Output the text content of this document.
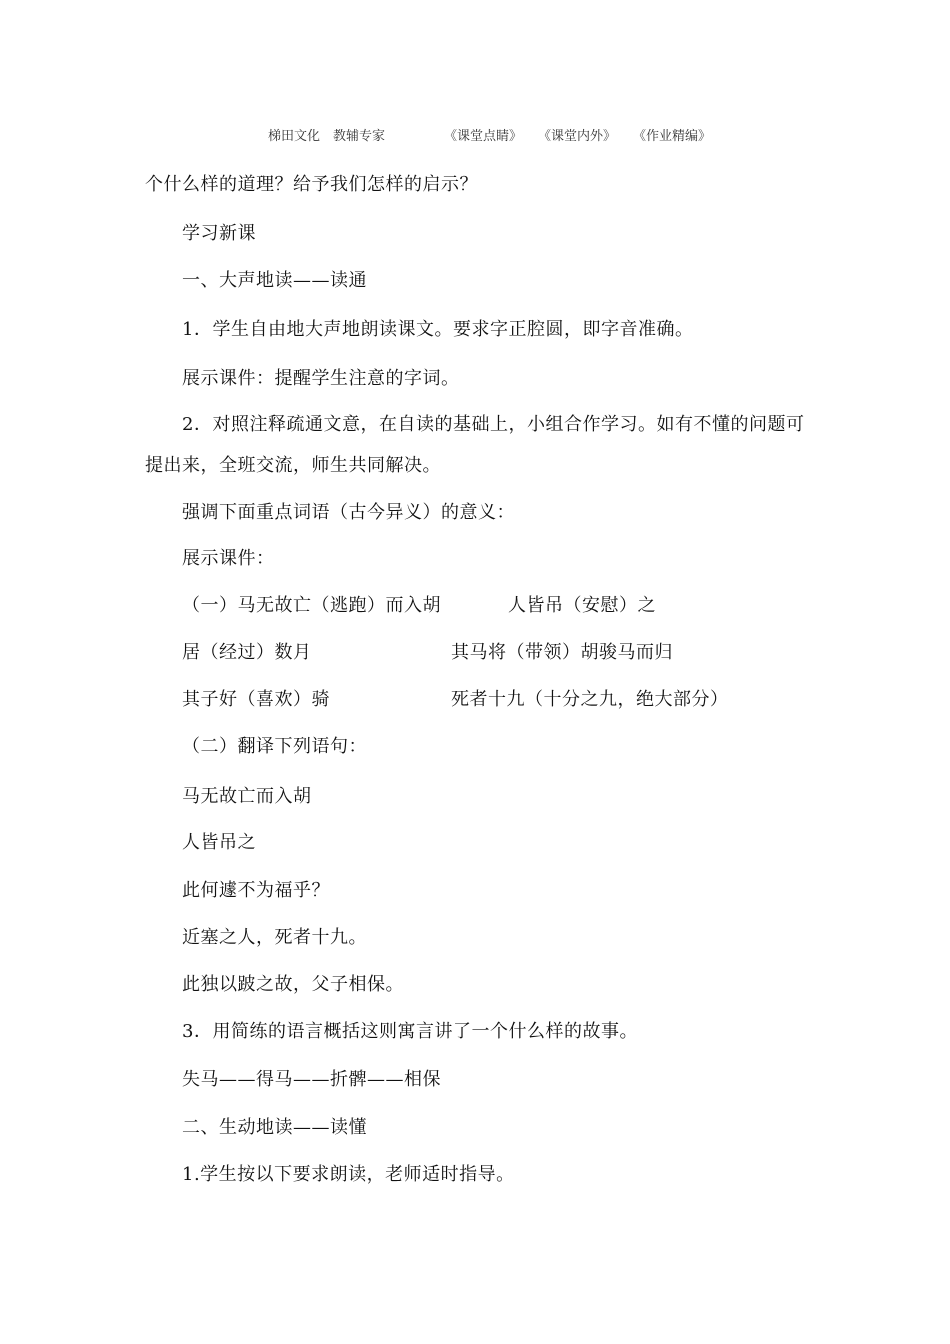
梯田文化　教辅专家	《课堂点睛》 《课堂内外》 《作业精编》
个什么样的道理？给予我们怎样的启示？
学习新课
一、大声地读——读通
1．学生自由地大声地朗读课文。要求字正腔圆，即字音准确。
展示课件：提醒学生注意的字词。
2．对照注释疏通文意，在自读的基础上，小组合作学习。如有不懂的问题可
提出来，全班交流，师生共同解决。
强调下面重点词语（古今异义）的意义：
展示课件：
（一）马无故亡（逃跑）而入胡	人皆吊（安慰）之
居（经过）数月	其马将（带领）胡骏马而归
其子好（喜欢）骑	死者十九（十分之九，绝大部分）
（二）翻译下列语句：
马无故亡而入胡
人皆吊之
此何遽不为福乎？
近塞之人，死者十九。
此独以跛之故，父子相保。
3．用简练的语言概括这则寓言讲了一个什么样的故事。
失马——得马——折髀——相保
二、生动地读——读懂
1.学生按以下要求朗读，老师适时指导。
